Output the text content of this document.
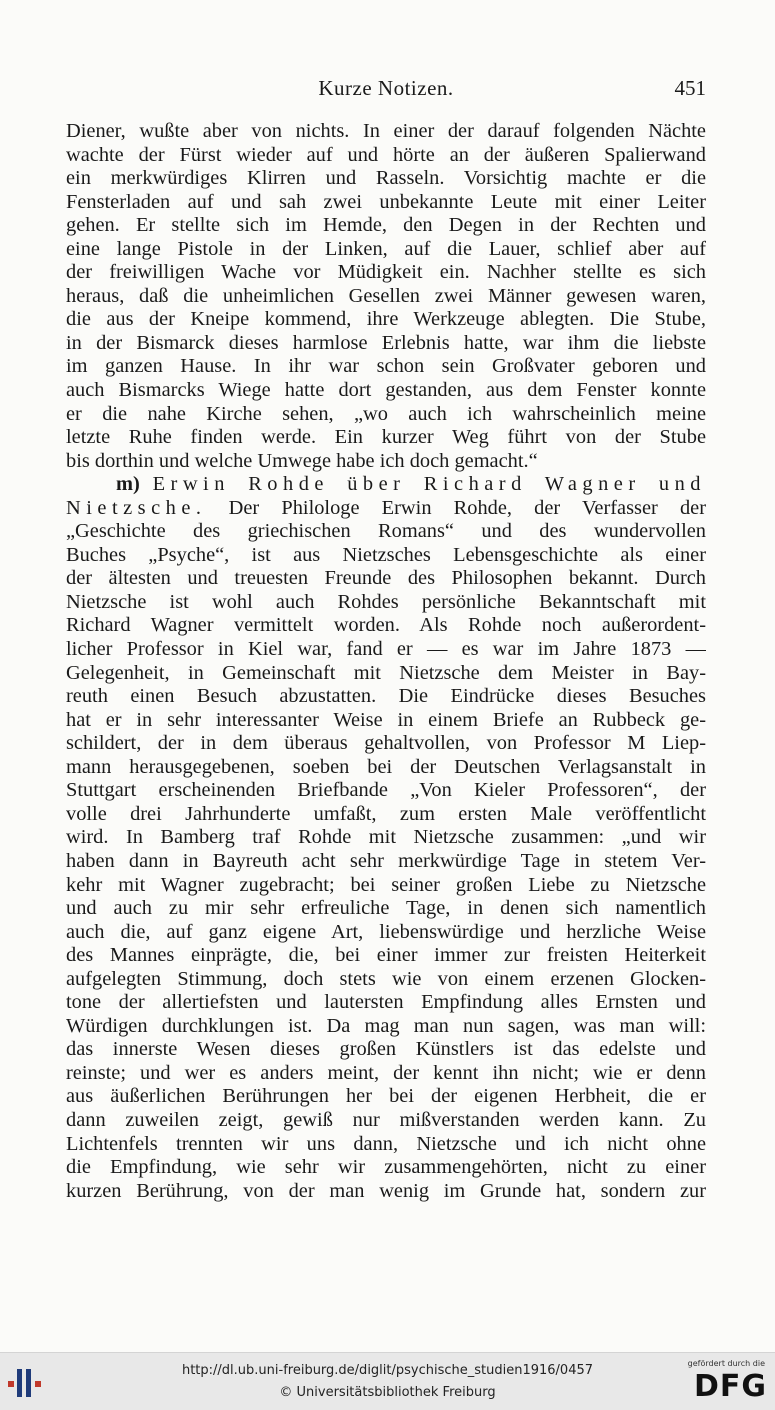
Kurze Notizen.	451
Diener, wußte aber von nichts. In einer der darauf folgenden Nächte
wachte der Fürst wieder auf und hörte an der äußeren Spalierwand
ein merkwürdiges Klirren und Rasseln. Vorsichtig machte er die
Fensterladen auf und sah zwei unbekannte Leute mit einer Leiter
gehen. Er stellte sich im Hemde, den Degen in der Rechten und
eine lange Pistole in der Linken, auf die Lauer, schlief aber auf
der freiwilligen Wache vor Müdigkeit ein. Nachher stellte es sich
heraus, daß die unheimlichen Gesellen zwei Männer gewesen waren,
die aus der Kneipe kommend, ihre Werkzeuge ablegten. Die Stube,
in der Bismarck dieses harmlose Erlebnis hatte, war ihm die liebste
im ganzen Hause. In ihr war schon sein Großvater geboren und
auch Bismarcks Wiege hatte dort gestanden, aus dem Fenster konnte
er die nahe Kirche sehen, „wo auch ich wahrscheinlich meine
letzte Ruhe finden werde. Ein kurzer Weg führt von der Stube
bis dorthin und welche Umwege habe ich doch gemacht.“
m) Erwin Rohde über Richard Wagner und
Nietzsche. Der Philologe Erwin Rohde, der Verfasser der
„Geschichte des griechischen Romans“ und des wundervollen
Buches „Psyche“, ist aus Nietzsches Lebensgeschichte als einer
der ältesten und treuesten Freunde des Philosophen bekannt. Durch
Nietzsche ist wohl auch Rohdes persönliche Bekanntschaft mit
Richard Wagner vermittelt worden. Als Rohde noch außerordent-
licher Professor in Kiel war, fand er — es war im Jahre 1873 —
Gelegenheit, in Gemeinschaft mit Nietzsche dem Meister in Bay-
reuth einen Besuch abzustatten. Die Eindrücke dieses Besuches
hat er in sehr interessanter Weise in einem Briefe an Rubbeck ge-
schildert, der in dem überaus gehaltvollen, von Professor M Liep-
mann herausgegebenen, soeben bei der Deutschen Verlagsanstalt in
Stuttgart erscheinenden Briefbande „Von Kieler Professoren“, der
volle drei Jahrhunderte umfaßt, zum ersten Male veröffentlicht
wird. In Bamberg traf Rohde mit Nietzsche zusammen: „und wir
haben dann in Bayreuth acht sehr merkwürdige Tage in stetem Ver-
kehr mit Wagner zugebracht; bei seiner großen Liebe zu Nietzsche
und auch zu mir sehr erfreuliche Tage, in denen sich namentlich
auch die, auf ganz eigene Art, liebenswürdige und herzliche Weise
des Mannes einprägte, die, bei einer immer zur freisten Heiterkeit
aufgelegten Stimmung, doch stets wie von einem erzenen Glocken-
tone der allertiefsten und lautersten Empfindung alles Ernsten und
Würdigen durchklungen ist. Da mag man nun sagen, was man will:
das innerste Wesen dieses großen Künstlers ist das edelste und
reinste; und wer es anders meint, der kennt ihn nicht; wie er denn
aus äußerlichen Berührungen her bei der eigenen Herbheit, die er
dann zuweilen zeigt, gewiß nur mißverstanden werden kann. Zu
Lichtenfels trennten wir uns dann, Nietzsche und ich nicht ohne
die Empfindung, wie sehr wir zusammengehörten, nicht zu einer
kurzen Berührung, von der man wenig im Grunde hat, sondern zur
http://dl.ub.uni-freiburg.de/diglit/psychische_studien1916/0457
© Universitätsbibliothek Freiburg
gefördert durch die
DFG
